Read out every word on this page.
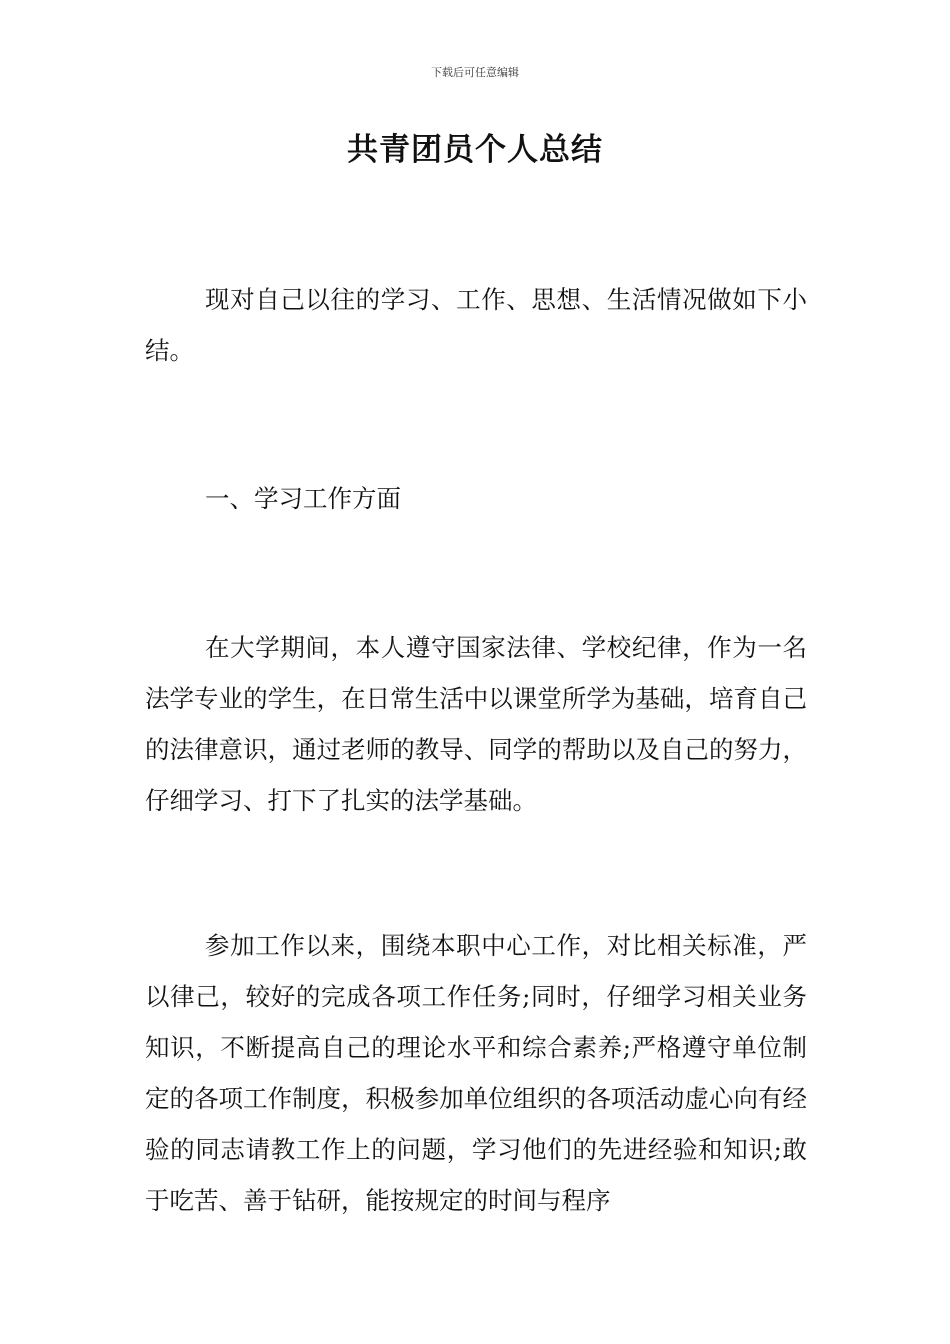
下载后可任意编辑
共青团员个人总结

现对自己以往的学习、工作、思想、生活情况做如下小结。

一、学习工作方面

在大学期间，本人遵守国家法律、学校纪律，作为一名法学专业的学生，在日常生活中以课堂所学为基础，培育自己的法律意识，通过老师的教导、同学的帮助以及自己的努力，仔细学习、打下了扎实的法学基础。

参加工作以来，围绕本职中心工作，对比相关标准，严以律己，较好的完成各项工作任务;同时，仔细学习相关业务知识，不断提高自己的理论水平和综合素养;严格遵守单位制定的各项工作制度，积极参加单位组织的各项活动虚心向有经验的同志请教工作上的问题，学习他们的先进经验和知识;敢于吃苦、善于钻研，能按规定的时间与程序
